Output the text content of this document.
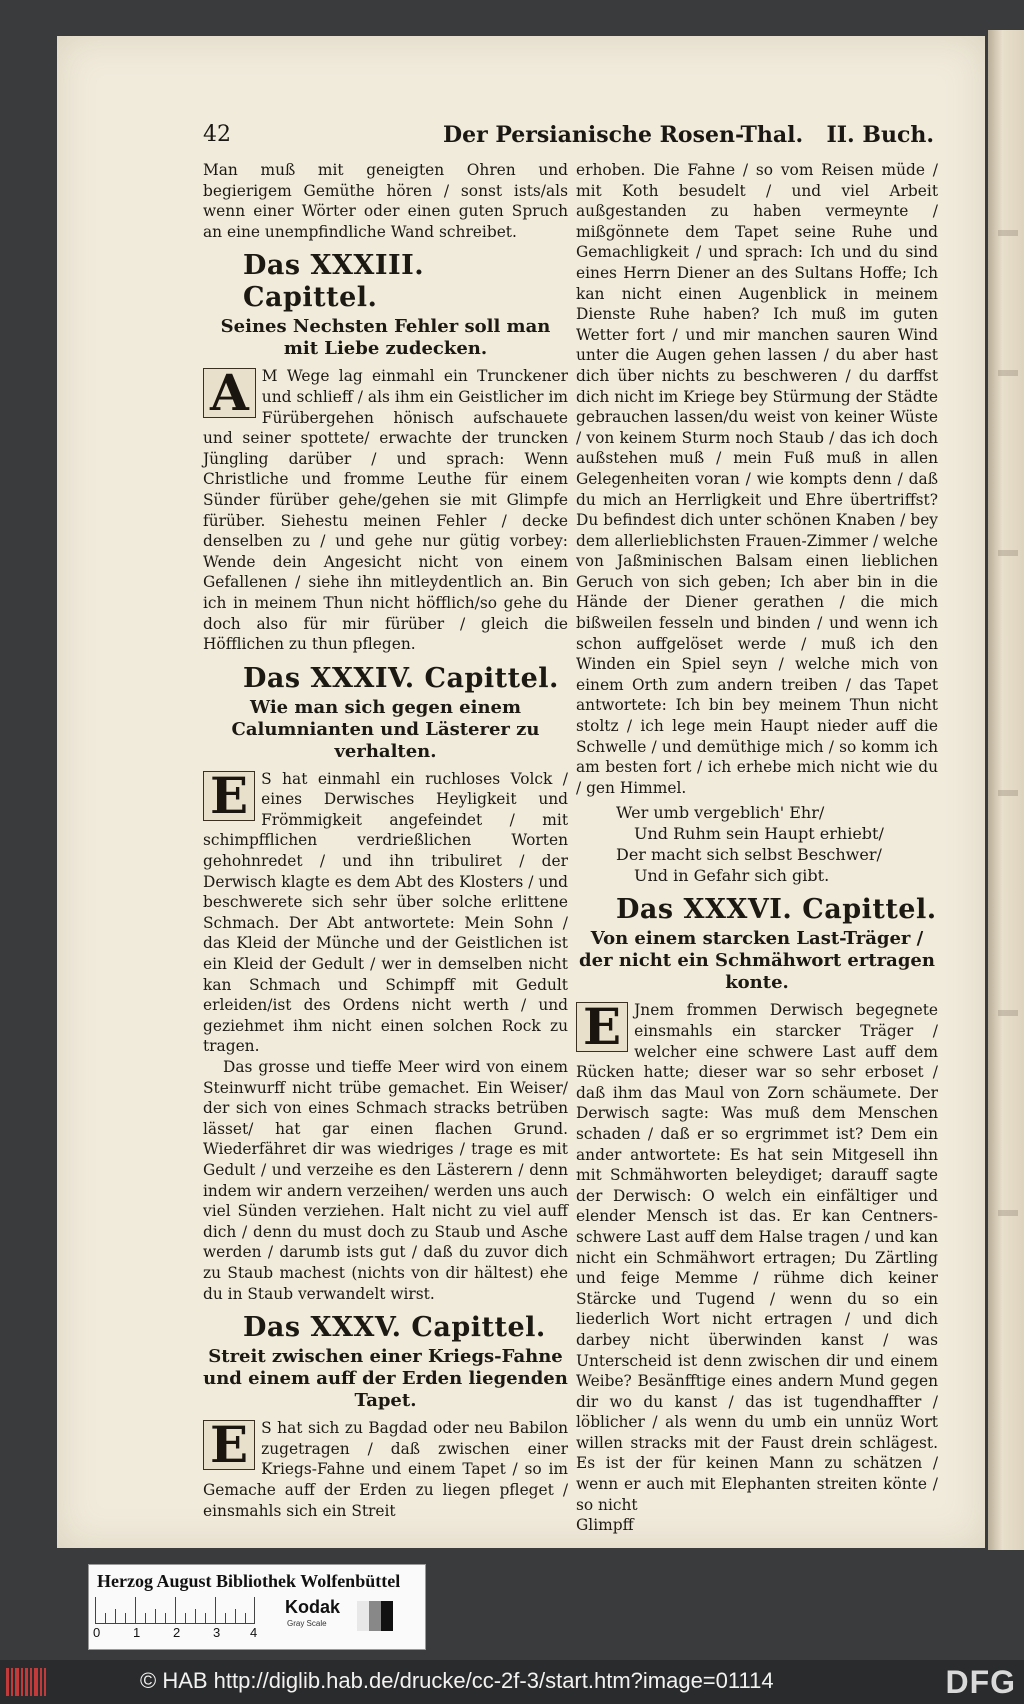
42	Der Persianische Rosen-Thal. II. Buch.

Man muß mit geneigten Ohren und begierigem Gemüthe hören / sonst ists/als wenn einer Wörter oder einen guten Spruch an eine unempfindliche Wand schreibet.

Das XXXIII. Capittel.
Seines Nechsten Fehler soll man mit Liebe zudecken.

A M Wege lag einmahl ein Trunckener und schlieff / als ihm ein Geistlicher im Fürübergehen hönisch aufschauete und seiner spottete/ erwachte der truncken Jüngling darüber / und sprach: Wenn Christliche und fromme Leuthe für einem Sünder fürüber gehe/gehen sie mit Glimpfe fürüber. Siehestu meinen Fehler / decke denselben zu / und gehe nur gütig vorbey: Wende dein Angesicht nicht von einem Gefallenen / siehe ihn mitleydentlich an. Bin ich in meinem Thun nicht höfflich/so gehe du doch also für mir fürüber / gleich die Höfflichen zu thun pflegen.

Das XXXIV. Capittel.
Wie man sich gegen einem Calumnianten und Lästerer zu verhalten.

E S hat einmahl ein ruchloses Volck / eines Derwisches Heyligkeit und Frömmigkeit angefeindet / mit schimpfflichen verdrießlichen Worten gehohnredet / und ihn tribuliret / der Derwisch klagte es dem Abt des Klosters / und beschwerete sich sehr über solche erlittene Schmach. Der Abt antwortete: Mein Sohn / das Kleid der Münche und der Geistlichen ist ein Kleid der Gedult / wer in demselben nicht kan Schmach und Schimpff mit Gedult erleiden/ist des Ordens nicht werth / und geziehmet ihm nicht einen solchen Rock zu tragen.

Das grosse und tieffe Meer wird von einem Steinwurff nicht trübe gemachet. Ein Weiser/ der sich von eines Schmach stracks betrüben lässet/ hat gar einen flachen Grund. Wiederfähret dir was wiedriges / trage es mit Gedult / und verzeihe es den Lästerern / denn indem wir andern verzeihen/ werden uns auch viel Sünden verziehen. Halt nicht zu viel auff dich / denn du must doch zu Staub und Asche werden / darumb ists gut / daß du zuvor dich zu Staub machest (nichts von dir hältest) ehe du in Staub verwandelt wirst.

Das XXXV. Capittel.
Streit zwischen einer Kriegs-Fahne und einem auff der Erden liegenden Tapet.

E S hat sich zu Bagdad oder neu Babilon zugetragen / daß zwischen einer Kriegs-Fahne und einem Tapet / so im Gemache auff der Erden zu liegen pfleget / einsmahls sich ein Streit

erhoben. Die Fahne / so vom Reisen müde / mit Koth besudelt / und viel Arbeit außgestanden zu haben vermeynte / mißgönnete dem Tapet seine Ruhe und Gemachligkeit / und sprach: Ich und du sind eines Herrn Diener an des Sultans Hoffe; Ich kan nicht einen Augenblick in meinem Dienste Ruhe haben? Ich muß im guten Wetter fort / und mir manchen sauren Wind unter die Augen gehen lassen / du aber hast dich über nichts zu beschweren / du darffst dich nicht im Kriege bey Stürmung der Städte gebrauchen lassen/du weist von keiner Wüste / von keinem Sturm noch Staub / das ich doch außstehen muß / mein Fuß muß in allen Gelegenheiten voran / wie kompts denn / daß du mich an Herrligkeit und Ehre übertriffst? Du befindest dich unter schönen Knaben / bey dem allerlieblichsten Frauen-Zimmer / welche von Jaßminischen Balsam einen lieblichen Geruch von sich geben; Ich aber bin in die Hände der Diener gerathen / die mich bißweilen fesseln und binden / und wenn ich schon auffgelöset werde / muß ich den Winden ein Spiel seyn / welche mich von einem Orth zum andern treiben / das Tapet antwortete: Ich bin bey meinem Thun nicht stoltz / ich lege mein Haupt nieder auff die Schwelle / und demüthige mich / so komm ich am besten fort / ich erhebe mich nicht wie du / gen Himmel.

Wer umb vergeblich' Ehr/
Und Ruhm sein Haupt erhiebt/
Der macht sich selbst Beschwer/
Und in Gefahr sich gibt.
Das XXXVI. Capittel.
Von einem starcken Last-Träger / der nicht ein Schmähwort ertragen konte.

E Jnem frommen Derwisch begegnete einsmahls ein starcker Träger / welcher eine schwere Last auff dem Rücken hatte; dieser war so sehr erboset / daß ihm das Maul von Zorn schäumete. Der Derwisch sagte: Was muß dem Menschen schaden / daß er so ergrimmet ist? Dem ein ander antwortete: Es hat sein Mitgesell ihn mit Schmähworten beleydiget; darauff sagte der Derwisch: O welch ein einfältiger und elender Mensch ist das. Er kan Centners-schwere Last auff dem Halse tragen / und kan nicht ein Schmähwort ertragen; Du Zärtling und feige Memme / rühme dich keiner Stärcke und Tugend / wenn du so ein liederlich Wort nicht ertragen / und dich darbey nicht überwinden kanst / was Unterscheid ist denn zwischen dir und einem Weibe? Besänfftige eines andern Mund gegen dir wo du kanst / das ist tugendhaffter / löblicher / als wenn du umb ein unnüz Wort willen stracks mit der Faust drein schlägest. Es ist der für keinen Mann zu schätzen / wenn er auch mit Elephanten streiten könte / so nicht

Glimpff

Herzog August Bibliothek Wolfenbüttel
0	1	2	3 4
Kodak
Gray Scale
© HAB http://diglib.hab.de/drucke/cc-2f-3/start.htm?image=01114	DFG
